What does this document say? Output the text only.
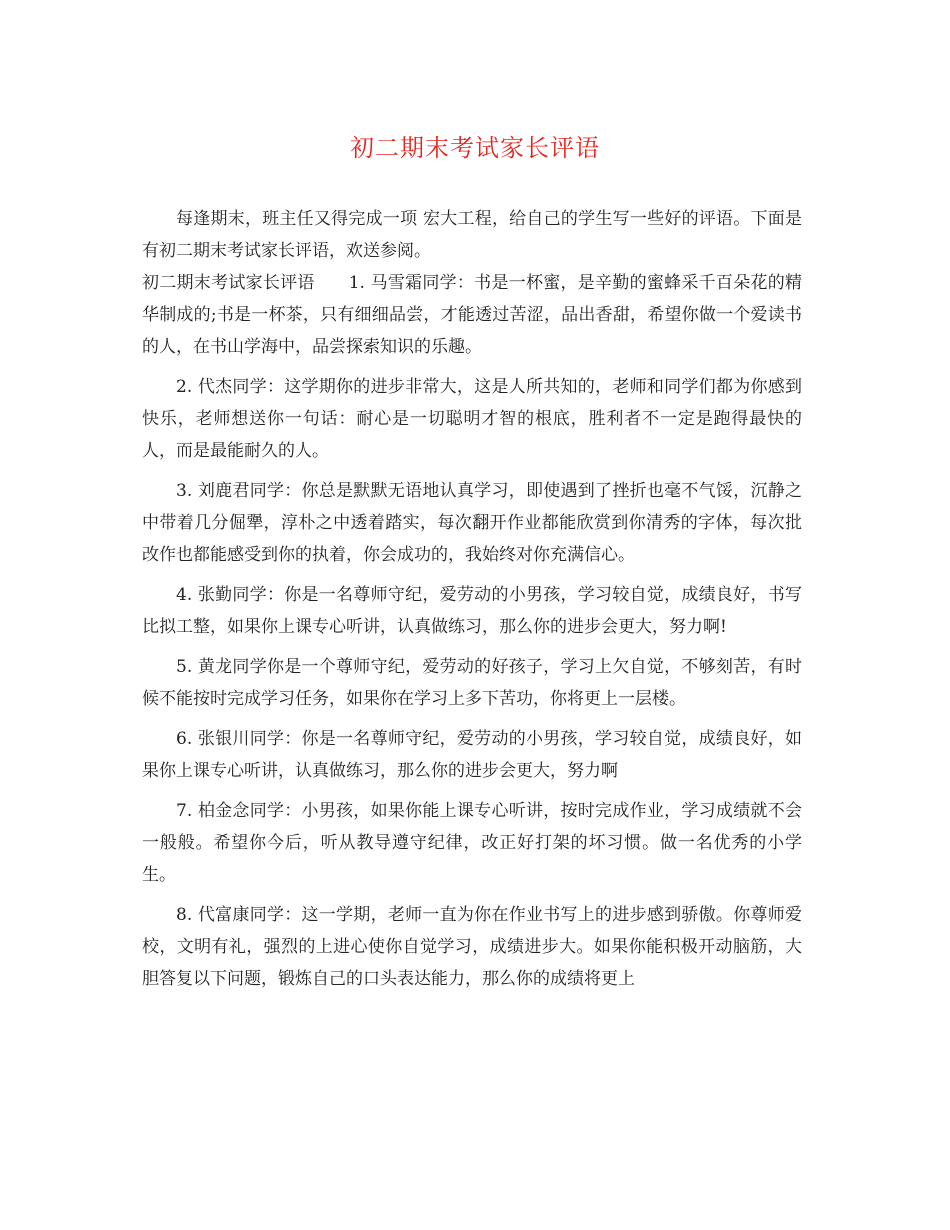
初二期末考试家长评语

每逢期末，班主任又得完成一项 宏大工程，给自己的学生写一些好的评语。下面是有初二期末考试家长评语，欢送参阅。

初二期末考试家长评语 1. 马雪霜同学：书是一杯蜜，是辛勤的蜜蜂采千百朵花的精华制成的;书是一杯茶，只有细细品尝，才能透过苦涩，品出香甜，希望你做一个爱读书的人，在书山学海中，品尝探索知识的乐趣。

2. 代杰同学：这学期你的进步非常大，这是人所共知的，老师和同学们都为你感到快乐，老师想送你一句话：耐心是一切聪明才智的根底，胜利者不一定是跑得最快的人，而是最能耐久的人。

3. 刘鹿君同学：你总是默默无语地认真学习，即使遇到了挫折也毫不气馁，沉静之中带着几分倔犟，淳朴之中透着踏实，每次翻开作业都能欣赏到你清秀的字体，每次批改作也都能感受到你的执着，你会成功的，我始终对你充满信心。

4. 张勤同学：你是一名尊师守纪，爱劳动的小男孩，学习较自觉，成绩良好，书写比拟工整，如果你上课专心听讲，认真做练习，那么你的进步会更大，努力啊!

5. 黄龙同学你是一个尊师守纪，爱劳动的好孩子，学习上欠自觉，不够刻苦，有时候不能按时完成学习任务，如果你在学习上多下苦功，你将更上一层楼。

6. 张银川同学：你是一名尊师守纪，爱劳动的小男孩，学习较自觉，成绩良好，如果你上课专心听讲，认真做练习，那么你的进步会更大，努力啊

7. 柏金念同学：小男孩，如果你能上课专心听讲，按时完成作业，学习成绩就不会一般般。希望你今后，听从教导遵守纪律，改正好打架的坏习惯。做一名优秀的小学生。

8. 代富康同学：这一学期，老师一直为你在作业书写上的进步感到骄傲。你尊师爱校，文明有礼，强烈的上进心使你自觉学习，成绩进步大。如果你能积极开动脑筋，大胆答复以下问题，锻炼自己的口头表达能力，那么你的成绩将更上
